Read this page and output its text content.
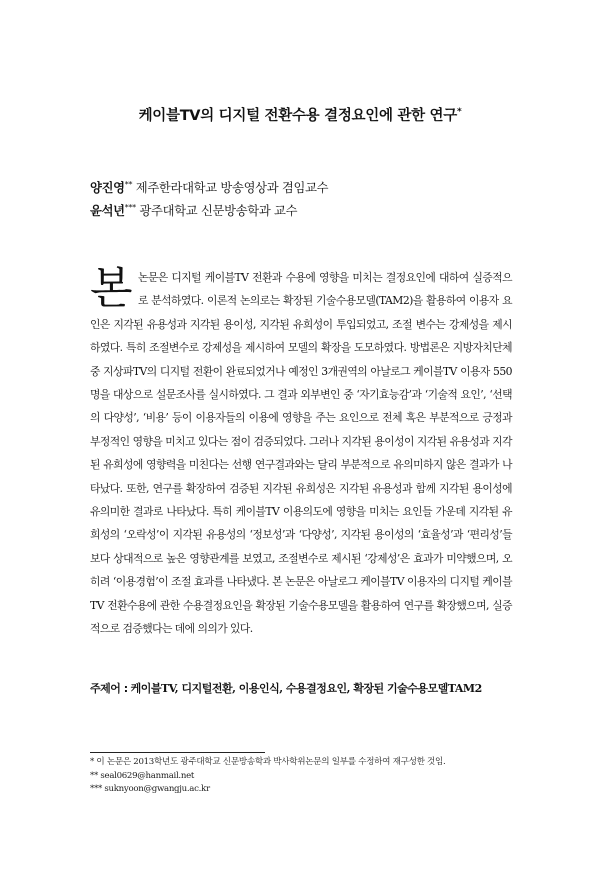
케이블TV의 디지털 전환수용 결정요인에 관한 연구*
양진영** 제주한라대학교 방송영상과 겸임교수
윤석년*** 광주대학교 신문방송학과 교수
본논문은 디지털 케이블TV 전환과 수용에 영향을 미치는 결정요인에 대하여 실증적으로 분석하였다. 이론적 논의로는 확장된 기술수용모델(TAM2)을 활용하여 이용자 요인은 지각된 유용성과 지각된 용이성, 지각된 유희성이 투입되었고, 조절 변수는 강제성을 제시하였다. 특히 조절변수로 강제성을 제시하여 모델의 확장을 도모하였다. 방법론은 지방자치단체 중 지상파TV의 디지털 전환이 완료되었거나 예정인 3개권역의 아날로그 케이블TV 이용자 550명을 대상으로 설문조사를 실시하였다. 그 결과 외부변인 중 ‘자기효능감’과 ‘기술적 요인’, ‘선택의 다양성’, ‘비용’ 등이 이용자들의 이용에 영향을 주는 요인으로 전체 혹은 부분적으로 긍정과 부정적인 영향을 미치고 있다는 점이 검증되었다. 그러나 지각된 용이성이 지각된 유용성과 지각된 유희성에 영향력을 미친다는 선행 연구결과와는 달리 부분적으로 유의미하지 않은 결과가 나타났다. 또한, 연구를 확장하여 검증된 지각된 유희성은 지각된 유용성과 함께 지각된 용이성에 유의미한 결과로 나타났다. 특히 케이블TV 이용의도에 영향을 미치는 요인들 가운데 지각된 유희성의 ‘오락성’이 지각된 유용성의 ‘정보성’과 ‘다양성’, 지각된 용이성의 ‘효율성’과 ‘편리성’들 보다 상대적으로 높은 영향관계를 보였고, 조절변수로 제시된 ‘강제성’은 효과가 미약했으며, 오히려 ‘이용경험’이 조절 효과를 나타냈다. 본 논문은 아날로그 케이블TV 이용자의 디지털 케이블TV 전환수용에 관한 수용결정요인을 확장된 기술수용모델을 활용하여 연구를 확장했으며, 실증적으로 검증했다는 데에 의의가 있다.
주제어 : 케이블TV, 디지털전환, 이용인식, 수용결정요인, 확장된 기술수용모델TAM2
* 이 논문은 2013학년도 광주대학교 신문방송학과 박사학위논문의 일부를 수정하여 재구성한 것임.
** seal0629@hanmail.net
*** suknyoon@gwangju.ac.kr
